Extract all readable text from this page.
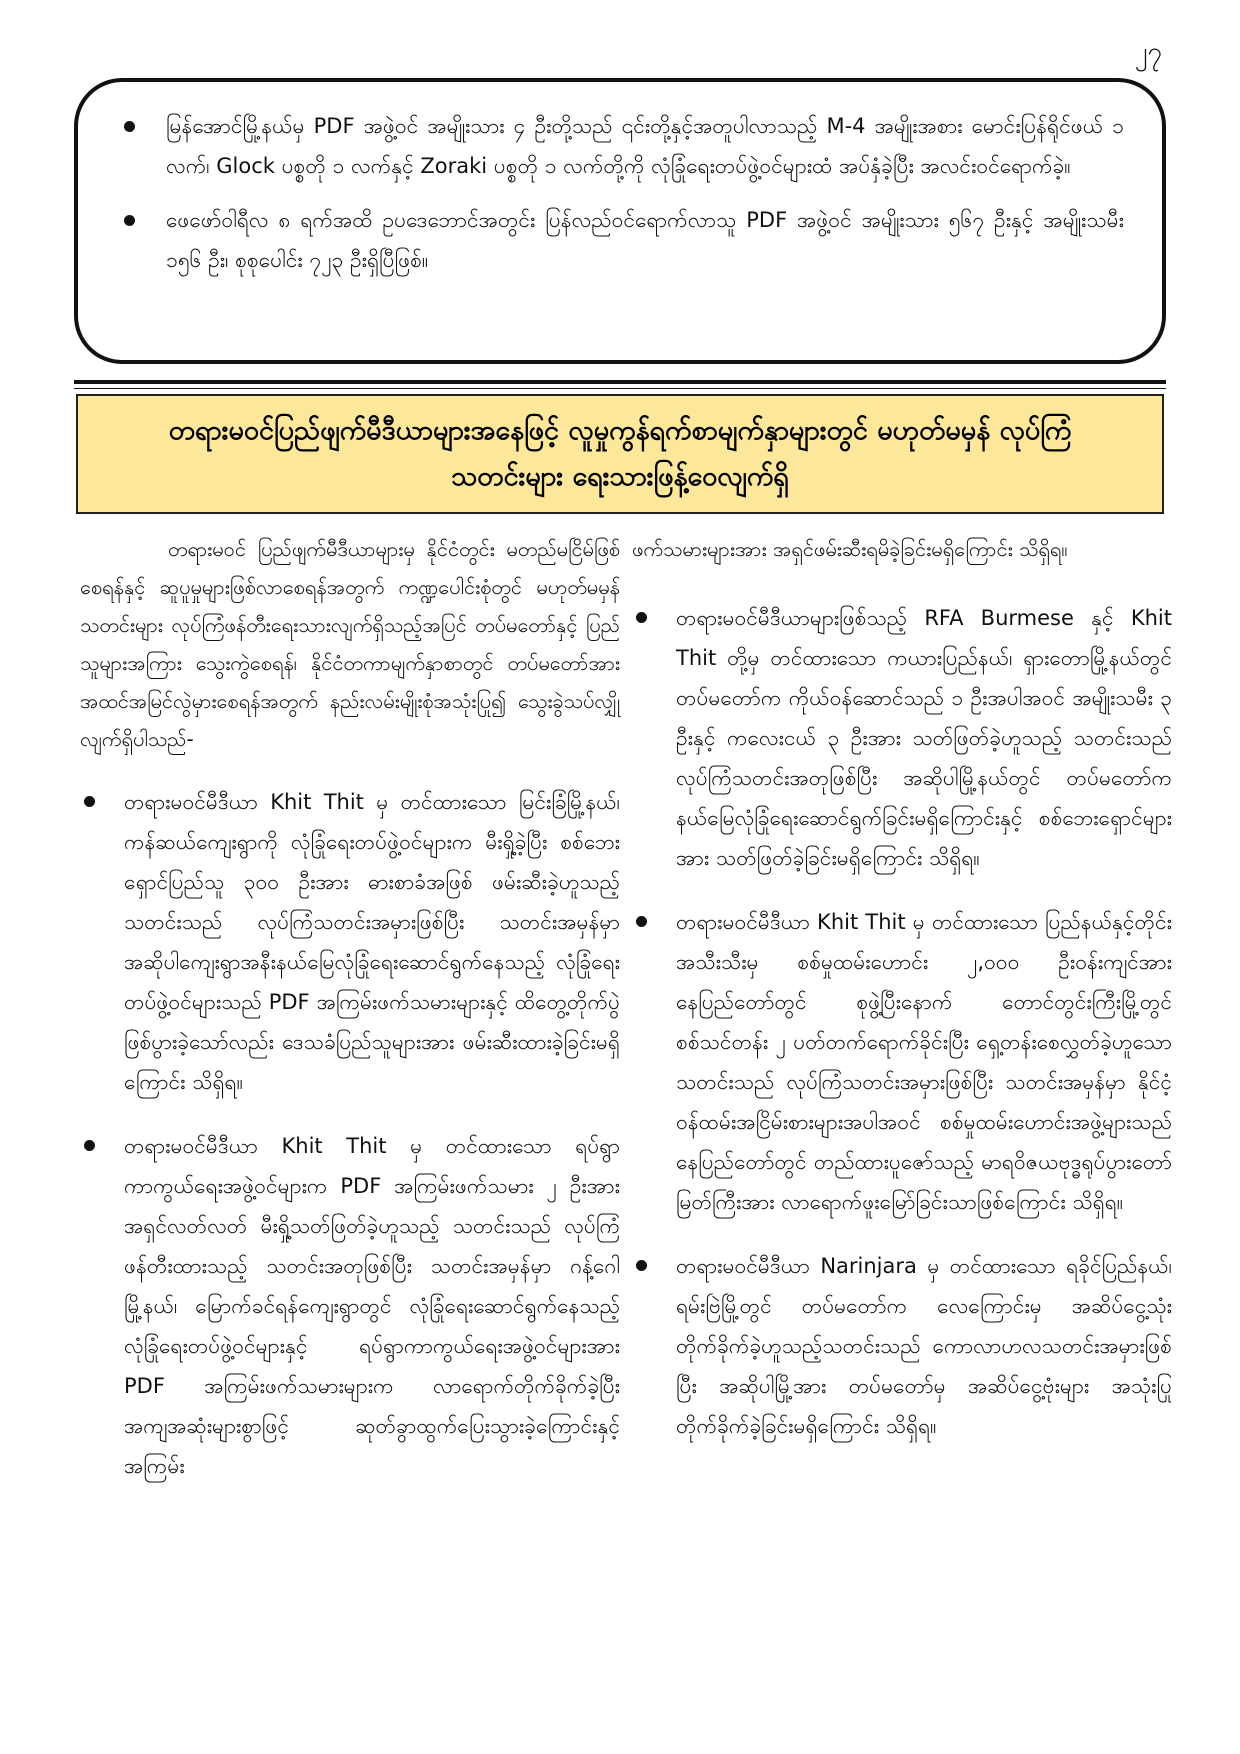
၂၇
မြန်အောင်မြို့နယ်မှ PDF အဖွဲ့ဝင် အမျိုးသား ၄ ဦးတို့သည် ၎င်းတို့နှင့်အတူပါလာသည့် M-4 အမျိုးအစား မောင်းပြန်ရိုင်ဖယ် ၁ လက်၊ Glock ပစ္စတို ၁ လက်နှင့် Zoraki ပစ္စတို ၁ လက်တို့ကို လုံခြုံရေးတပ်ဖွဲ့ဝင်များထံ အပ်နှံခဲ့ပြီး အလင်းဝင်ရောက်ခဲ့။
ဖေဖော်ဝါရီလ ၈ ရက်အထိ ဥပဒေဘောင်အတွင်း ပြန်လည်ဝင်ရောက်လာသူ PDF အဖွဲ့ဝင် အမျိုးသား ၅၆၇ ဦးနှင့် အမျိုးသမီး ၁၅၆ ဦး၊ စုစုပေါင်း ၇၂၃ ဦးရှိပြီဖြစ်။
တရားမဝင်ပြည်ဖျက်မီဒီယာများအနေဖြင့် လူမှုကွန်ရက်စာမျက်နှာများတွင် မဟုတ်မမှန် လုပ်ကြံသတင်းများ ရေးသားဖြန့်ဝေလျက်ရှိ

တရားမဝင် ပြည်ဖျက်မီဒီယာများမှ နိုင်ငံတွင်း မတည်မငြိမ်ဖြစ်စေရန်နှင့် ဆူပူမှုများဖြစ်လာစေရန်အတွက် ကဏ္ဍပေါင်းစုံတွင် မဟုတ်မမှန်သတင်းများ လုပ်ကြံဖန်တီးရေးသားလျက်ရှိသည့်အပြင် တပ်မတော်နှင့် ပြည်သူများအကြား သွေးကွဲစေရန်၊ နိုင်ငံတကာမျက်နှာစာတွင် တပ်မတော်အား အထင်အမြင်လွဲမှားစေရန်အတွက် နည်းလမ်းမျိုးစုံအသုံးပြု၍ သွေးခွဲသပ်လျှိုလျက်ရှိပါသည်-

တရားမဝင်မီဒီယာ Khit Thit မှ တင်ထားသော မြင်းခြံမြို့နယ်၊ ကန်ဆယ်ကျေးရွာကို လုံခြုံရေးတပ်ဖွဲ့ဝင်များက မီးရှို့ခဲ့ပြီး စစ်ဘေးရှောင်ပြည်သူ ၃၀၀ ဦးအား ဓားစာခံအဖြစ် ဖမ်းဆီးခဲ့ဟူသည့်သတင်းသည် လုပ်ကြံသတင်းအမှားဖြစ်ပြီး သတင်းအမှန်မှာ အဆိုပါကျေးရွာအနီးနယ်မြေလုံခြုံရေးဆောင်ရွက်နေသည့် လုံခြုံရေးတပ်ဖွဲ့ဝင်များသည် PDF အကြမ်းဖက်သမားများနှင့် ထိတွေ့တိုက်ပွဲဖြစ်ပွားခဲ့သော်လည်း ဒေသခံပြည်သူများအား ဖမ်းဆီးထားခဲ့ခြင်းမရှိကြောင်း သိရှိရ။
တရားမဝင်မီဒီယာ Khit Thit မှ တင်ထားသော ရပ်ရွာကာကွယ်ရေးအဖွဲ့ဝင်များက PDF အကြမ်းဖက်သမား ၂ ဦးအား အရှင်လတ်လတ် မီးရှို့သတ်ဖြတ်ခဲ့ဟူသည့် သတင်းသည် လုပ်ကြံဖန်တီးထားသည့် သတင်းအတုဖြစ်ပြီး သတင်းအမှန်မှာ ဂန့်ဂေါမြို့နယ်၊ မြောက်ခင်ရန်ကျေးရွာတွင် လုံခြုံရေးဆောင်ရွက်နေသည့် လုံခြုံရေးတပ်ဖွဲ့ဝင်များနှင့် ရပ်ရွာကာကွယ်ရေးအဖွဲ့ဝင်များအား PDF အကြမ်းဖက်သမားများက လာရောက်တိုက်ခိုက်ခဲ့ပြီး အကျအဆုံးများစွာဖြင့် ဆုတ်ခွာထွက်ပြေးသွားခဲ့ကြောင်းနှင့် အကြမ်း

ဖက်သမားများအား အရှင်ဖမ်းဆီးရမိခဲ့ခြင်းမရှိကြောင်း သိရှိရ။

တရားမဝင်မီဒီယာများဖြစ်သည့် RFA Burmese နှင့် Khit Thit တို့မှ တင်ထားသော ကယားပြည်နယ်၊ ရှားတောမြို့နယ်တွင် တပ်မတော်က ကိုယ်ဝန်ဆောင်သည် ၁ ဦးအပါအဝင် အမျိုးသမီး ၃ ဦးနှင့် ကလေးငယ် ၃ ဦးအား သတ်ဖြတ်ခဲ့ဟူသည့် သတင်းသည် လုပ်ကြံသတင်းအတုဖြစ်ပြီး အဆိုပါမြို့နယ်တွင် တပ်မတော်က နယ်မြေလုံခြုံရေးဆောင်ရွက်ခြင်းမရှိကြောင်းနှင့် စစ်ဘေးရှောင်များအား သတ်ဖြတ်ခဲ့ခြင်းမရှိကြောင်း သိရှိရ။
တရားမဝင်မီဒီယာ Khit Thit မှ တင်ထားသော ပြည်နယ်နှင့်တိုင်းအသီးသီးမှ စစ်မှုထမ်းဟောင်း ၂,၀၀၀ ဦးဝန်းကျင်အား နေပြည်တော်တွင် စုဖွဲ့ပြီးနောက် တောင်တွင်းကြီးမြို့တွင် စစ်သင်တန်း ၂ ပတ်တက်ရောက်ခိုင်းပြီး ရှေ့တန်းစေလွှတ်ခဲ့ဟူသောသတင်းသည် လုပ်ကြံသတင်းအမှားဖြစ်ပြီး သတင်းအမှန်မှာ နိုင်ငံ့ဝန်ထမ်းအငြိမ်းစားများအပါအဝင် စစ်မှုထမ်းဟောင်းအဖွဲ့များသည် နေပြည်တော်တွင် တည်ထားပူဇော်သည့် မာရဝိဇယဗုဒ္ဓရုပ်ပွားတော်မြတ်ကြီးအား လာရောက်ဖူးမြော်ခြင်းသာဖြစ်ကြောင်း သိရှိရ။
တရားမဝင်မီဒီယာ Narinjara မှ တင်ထားသော ရခိုင်ပြည်နယ်၊ ရမ်းဗြဲမြို့တွင် တပ်မတော်က လေကြောင်းမှ အဆိပ်ငွေ့သုံးတိုက်ခိုက်ခဲ့ဟူသည့်သတင်းသည် ကောလာဟလသတင်းအမှားဖြစ်ပြီး အဆိုပါမြို့အား တပ်မတော်မှ အဆိပ်ငွေ့ဗုံးများ အသုံးပြုတိုက်ခိုက်ခဲ့ခြင်းမရှိကြောင်း သိရှိရ။
